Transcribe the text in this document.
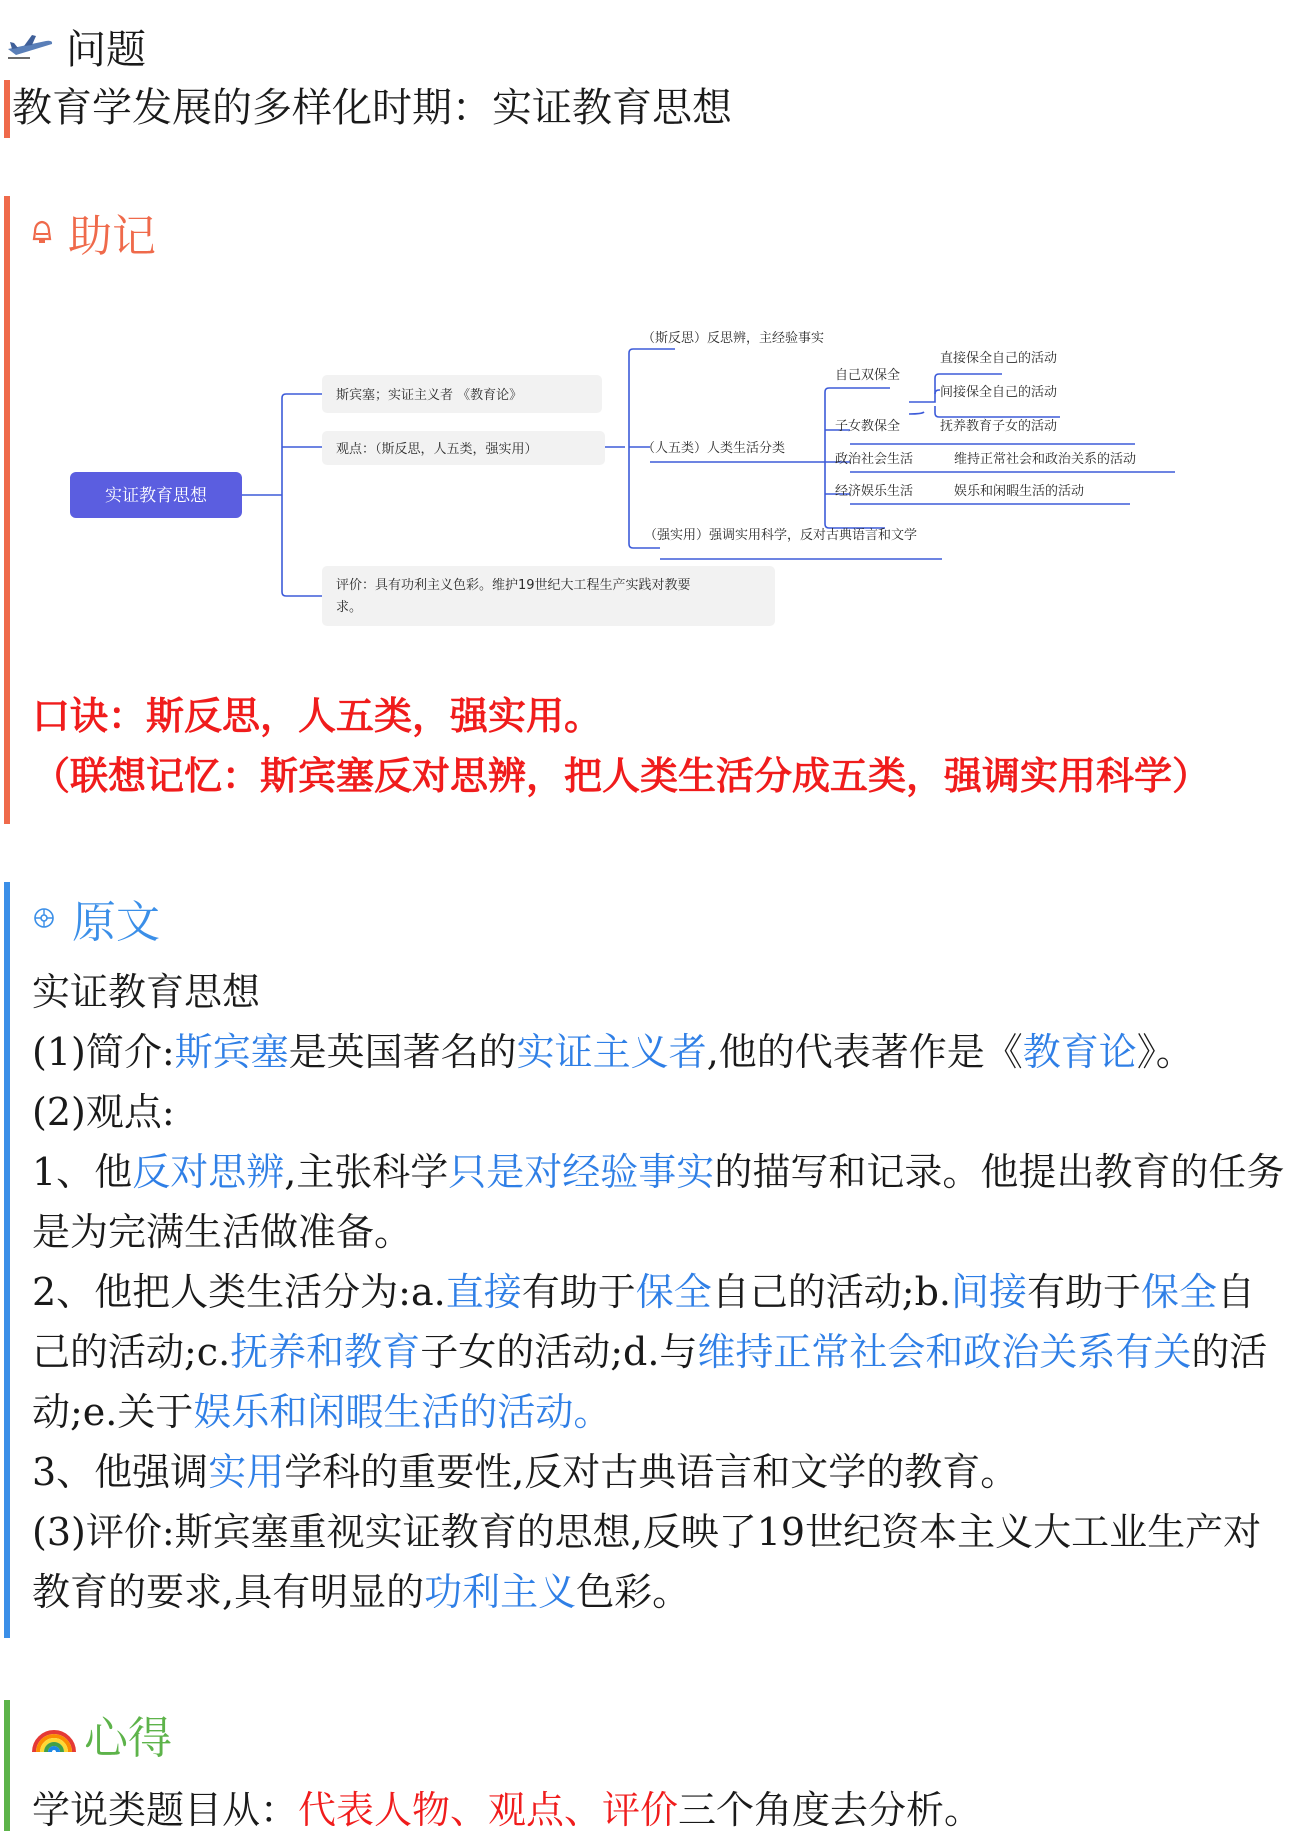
问题
教育学发展的多样化时期：实证教育思想
助记
实证教育思想
斯宾塞；实证主义者 《教育论》
观点：（斯反思，人五类，强实用）
评价：具有功利主义色彩。维护19世纪大工程生产实践对教要
求。
（斯反思）反思辨，主经验事实
（人五类）人类生活分类
（强实用）强调实用科学，反对古典语言和文学
自己双保全
子女教保全
政治社会生活
经济娱乐生活
直接保全自己的活动
间接保全自己的活动
抚养教育子女的活动
维持正常社会和政治关系的活动
娱乐和闲暇生活的活动
口诀：斯反思，人五类，强实用。
（联想记忆：斯宾塞反对思辨，把人类生活分成五类，强调实用科学）
原文

实证教育思想

(1)简介:斯宾塞是英国著名的实证主义者,他的代表著作是《教育论》。

(2)观点:

1、他反对思辨,主张科学只是对经验事实的描写和记录。他提出教育的任务是为完满生活做准备。

2、他把人类生活分为:a.直接有助于保全自己的活动;b.间接有助于保全自己的活动;c.抚养和教育子女的活动;d.与维持正常社会和政治关系有关的活动;e.关于娱乐和闲暇生活的活动。

3、他强调实用学科的重要性,反对古典语言和文学的教育。

(3)评价:斯宾塞重视实证教育的思想,反映了19世纪资本主义大工业生产对教育的要求,具有明显的功利主义色彩。

心得
学说类题目从：代表人物、观点、评价三个角度去分析。
